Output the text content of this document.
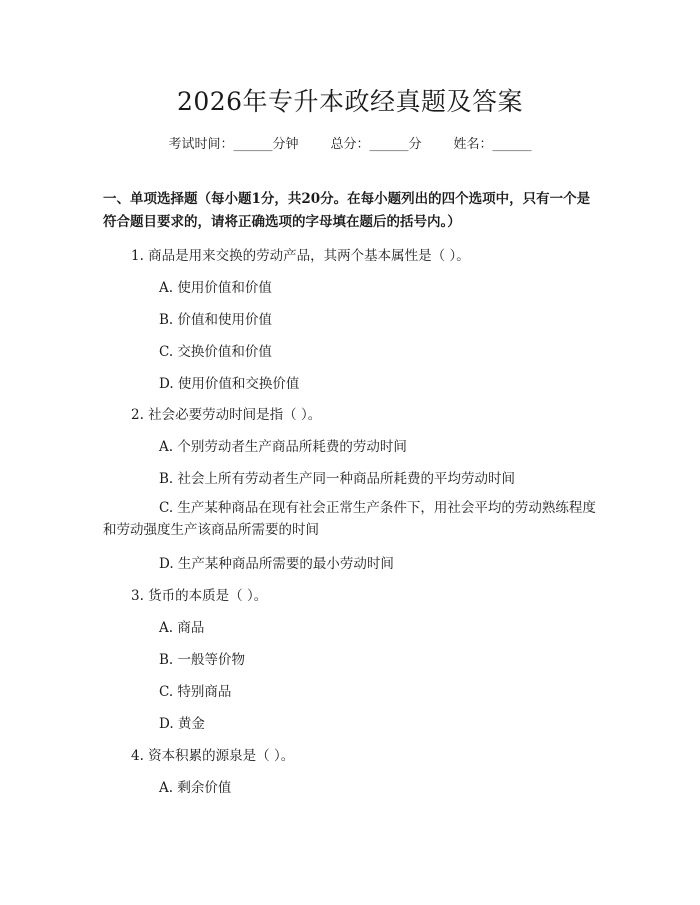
2026年专升本政经真题及答案
考试时间：______分钟 总分：______分 姓名：______
一、单项选择题（每小题1分，共20分。在每小题列出的四个选项中，只有一个是符合题目要求的，请将正确选项的字母填在题后的括号内。）
1. 商品是用来交换的劳动产品，其两个基本属性是（ ）。
A. 使用价值和价值
B. 价值和使用价值
C. 交换价值和价值
D. 使用价值和交换价值
2. 社会必要劳动时间是指（ ）。
A. 个别劳动者生产商品所耗费的劳动时间
B. 社会上所有劳动者生产同一种商品所耗费的平均劳动时间
C. 生产某种商品在现有社会正常生产条件下，用社会平均的劳动熟练程度和劳动强度生产该商品所需要的时间
D. 生产某种商品所需要的最小劳动时间
3. 货币的本质是（ ）。
A. 商品
B. 一般等价物
C. 特别商品
D. 黄金
4. 资本积累的源泉是（ ）。
A. 剩余价值
